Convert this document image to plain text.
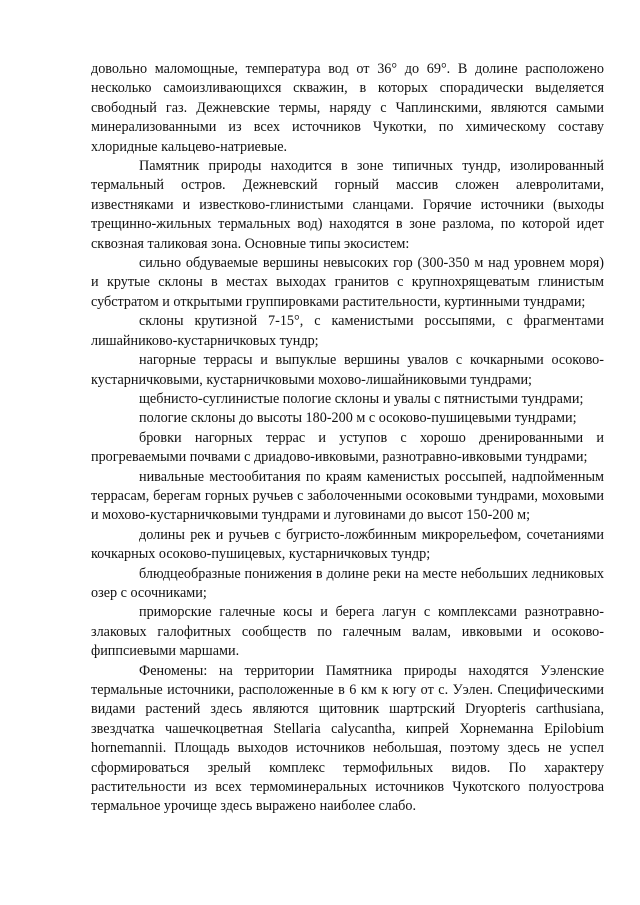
довольно маломощные, температура вод от 36° до 69°. В долине расположено несколько самоизливающихся скважин, в которых спорадически выделяется свободный газ. Дежневские термы, наряду с Чаплинскими, являются самыми минерализованными из всех источников Чукотки, по химическому составу хлоридные кальцево-натриевые.

Памятник природы находится в зоне типичных тундр, изолированный термальный остров. Дежневский горный массив сложен алевролитами, известняками и известково-глинистыми сланцами. Горячие источники (выходы трещинно-жильных термальных вод) находятся в зоне разлома, по которой идет сквозная таликовая зона. Основные типы экосистем:

сильно обдуваемые вершины невысоких гор (300-350 м над уровнем моря) и крутые склоны в местах выходах гранитов с крупнохрящеватым глинистым субстратом и открытыми группировками растительности, куртинными тундрами;

склоны крутизной 7-15°, с каменистыми россыпями, с фрагментами лишайниково-кустарничковых тундр;

нагорные террасы и выпуклые вершины увалов с кочкарными осоково-кустарничковыми, кустарничковыми мохово-лишайниковыми тундрами;

щебнисто-суглинистые пологие склоны и увалы с пятнистыми тундрами;

пологие склоны до высоты 180-200 м с осоково-пушицевыми тундрами;

бровки нагорных террас и уступов с хорошо дренированными и прогреваемыми почвами с дриадово-ивковыми, разнотравно-ивковыми тундрами;

нивальные местообитания по краям каменистых россыпей, надпойменным террасам, берегам горных ручьев с заболоченными осоковыми тундрами, моховыми и мохово-кустарничковыми тундрами и луговинами до высот 150-200 м;

долины рек и ручьев с бугристо-ложбинным микрорельефом, сочетаниями кочкарных осоково-пушицевых, кустарничковых тундр;

блюдцеобразные понижения в долине реки на месте небольших ледниковых озер с осочниками;

приморские галечные косы и берега лагун с комплексами разнотравно-злаковых галофитных сообществ по галечным валам, ивковыми и осоково-фиппсиевыми маршами.

Феномены: на территории Памятника природы находятся Уэленские термальные источники, расположенные в 6 км к югу от с. Уэлен. Специфическими видами растений здесь являются щитовник шартрский Dryopteris carthusiana, звездчатка чашечкоцветная Stellaria calycantha, кипрей Хорнеманна Epilobium hornemannii. Площадь выходов источников небольшая, поэтому здесь не успел сформироваться зрелый комплекс термофильных видов. По характеру растительности из всех термоминеральных источников Чукотского полуострова термальное урочище здесь выражено наиболее слабо.
